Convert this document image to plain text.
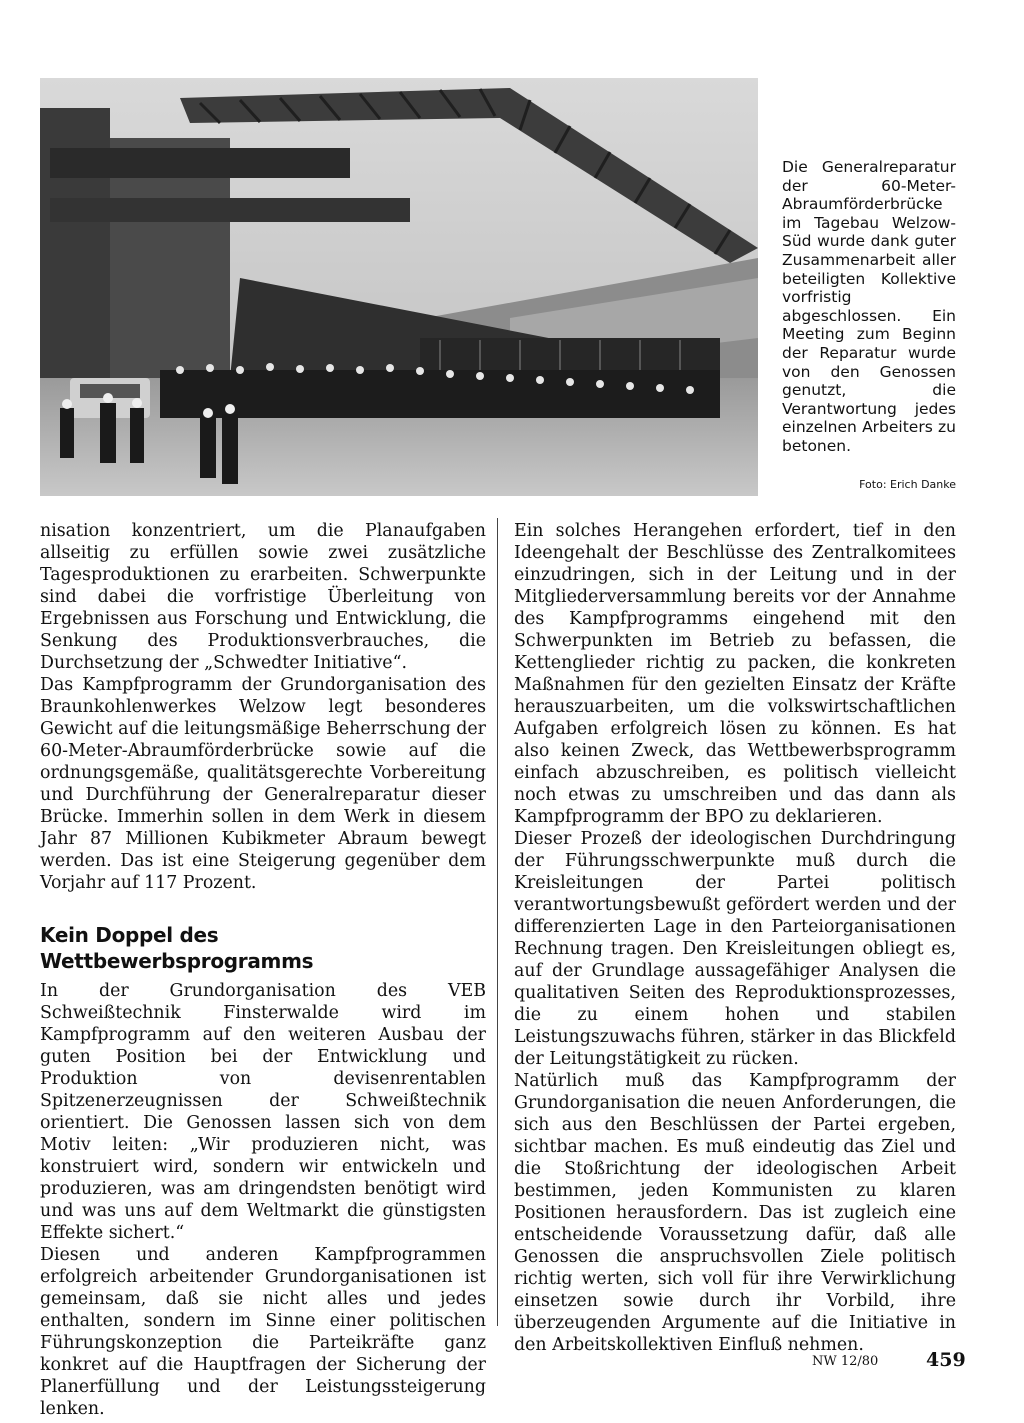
Die Generalreparatur der 60-Meter-Abraumförderbrücke im Tagebau Welzow-Süd wurde dank guter Zusammenarbeit aller beteiligten Kollektive vorfristig abgeschlossen. Ein Meeting zum Beginn der Reparatur wurde von den Genossen genutzt, die Verantwortung jedes einzelnen Arbeiters zu betonen.
Foto: Erich Danke

nisation konzentriert, um die Planaufgaben allseitig zu erfüllen sowie zwei zusätzliche Tagesproduktionen zu erarbeiten. Schwerpunkte sind dabei die vorfristige Überleitung von Ergebnissen aus Forschung und Entwicklung, die Senkung des Produktionsverbrauches, die Durchsetzung der „Schwedter Initiative“.

Das Kampfprogramm der Grundorganisation des Braunkohlenwerkes Welzow legt besonderes Gewicht auf die leitungsmäßige Beherrschung der 60-Meter-Abraumförderbrücke sowie auf die ordnungsgemäße, qualitätsgerechte Vorbereitung und Durchführung der Generalreparatur dieser Brücke. Immerhin sollen in dem Werk in diesem Jahr 87 Millionen Kubikmeter Abraum bewegt werden. Das ist eine Steigerung gegenüber dem Vorjahr auf 117 Prozent.

Kein Doppel des Wettbewerbsprogramms

In der Grundorganisation des VEB Schweißtechnik Finsterwalde wird im Kampfprogramm auf den weiteren Ausbau der guten Position bei der Entwicklung und Produktion von devisenrentablen Spitzenerzeugnissen der Schweißtechnik orientiert. Die Genossen lassen sich von dem Motiv leiten: „Wir produzieren nicht, was konstruiert wird, sondern wir entwickeln und produzieren, was am dringendsten benötigt wird und was uns auf dem Weltmarkt die günstigsten Effekte sichert.“

Diesen und anderen Kampfprogrammen erfolgreich arbeitender Grundorganisationen ist gemeinsam, daß sie nicht alles und jedes enthalten, sondern im Sinne einer politischen Führungskonzeption die Parteikräfte ganz konkret auf die Hauptfragen der Sicherung der Planerfüllung und der Leistungssteigerung lenken.

Ein solches Herangehen erfordert, tief in den Ideengehalt der Beschlüsse des Zentralkomitees einzudringen, sich in der Leitung und in der Mitgliederversammlung bereits vor der Annahme des Kampfprogramms eingehend mit den Schwerpunkten im Betrieb zu befassen, die Kettenglieder richtig zu packen, die konkreten Maßnahmen für den gezielten Einsatz der Kräfte herauszuarbeiten, um die volkswirtschaftlichen Aufgaben erfolgreich lösen zu können. Es hat also keinen Zweck, das Wettbewerbsprogramm einfach abzuschreiben, es politisch vielleicht noch etwas zu umschreiben und das dann als Kampfprogramm der BPO zu deklarieren.

Dieser Prozeß der ideologischen Durchdringung der Führungsschwerpunkte muß durch die Kreisleitungen der Partei politisch verantwortungsbewußt gefördert werden und der differenzierten Lage in den Parteiorganisationen Rechnung tragen. Den Kreisleitungen obliegt es, auf der Grundlage aussagefähiger Analysen die qualitativen Seiten des Reproduktionsprozesses, die zu einem hohen und stabilen Leistungszuwachs führen, stärker in das Blickfeld der Leitungstätigkeit zu rücken.

Natürlich muß das Kampfprogramm der Grundorganisation die neuen Anforderungen, die sich aus den Beschlüssen der Partei ergeben, sichtbar machen. Es muß eindeutig das Ziel und die Stoßrichtung der ideologischen Arbeit bestimmen, jeden Kommunisten zu klaren Positionen herausfordern. Das ist zugleich eine entscheidende Voraussetzung dafür, daß alle Genossen die anspruchsvollen Ziele politisch richtig werten, sich voll für ihre Verwirklichung einsetzen sowie durch ihr Vorbild, ihre überzeugenden Argumente auf die Initiative in den Arbeitskollektiven Einfluß nehmen.

NW 12/80	459
